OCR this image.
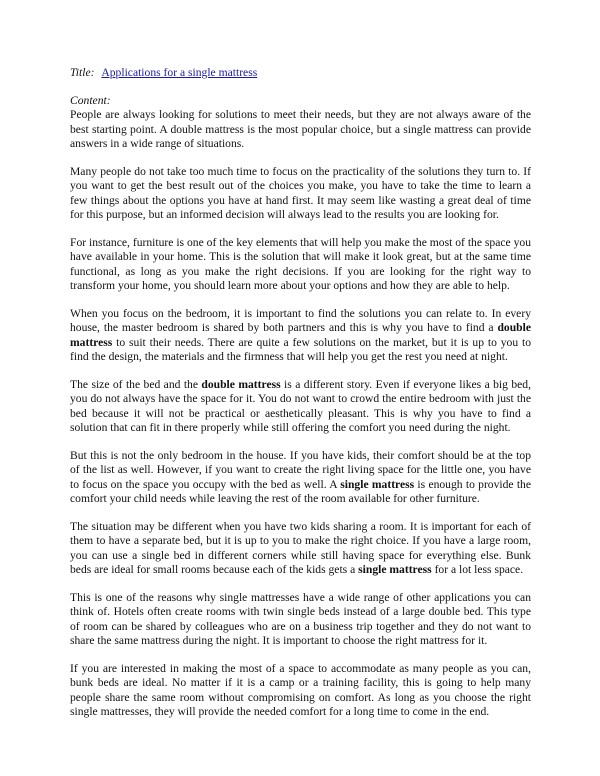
Title: Applications for a single mattress

Content:

People are always looking for solutions to meet their needs, but they are not always aware of the best starting point. A double mattress is the most popular choice, but a single mattress can provide answers in a wide range of situations.

Many people do not take too much time to focus on the practicality of the solutions they turn to. If you want to get the best result out of the choices you make, you have to take the time to learn a few things about the options you have at hand first. It may seem like wasting a great deal of time for this purpose, but an informed decision will always lead to the results you are looking for.

For instance, furniture is one of the key elements that will help you make the most of the space you have available in your home. This is the solution that will make it look great, but at the same time functional, as long as you make the right decisions. If you are looking for the right way to transform your home, you should learn more about your options and how they are able to help.

When you focus on the bedroom, it is important to find the solutions you can relate to. In every house, the master bedroom is shared by both partners and this is why you have to find a double mattress to suit their needs. There are quite a few solutions on the market, but it is up to you to find the design, the materials and the firmness that will help you get the rest you need at night.

The size of the bed and the double mattress is a different story. Even if everyone likes a big bed, you do not always have the space for it. You do not want to crowd the entire bedroom with just the bed because it will not be practical or aesthetically pleasant. This is why you have to find a solution that can fit in there properly while still offering the comfort you need during the night.

But this is not the only bedroom in the house. If you have kids, their comfort should be at the top of the list as well. However, if you want to create the right living space for the little one, you have to focus on the space you occupy with the bed as well. A single mattress is enough to provide the comfort your child needs while leaving the rest of the room available for other furniture.

The situation may be different when you have two kids sharing a room. It is important for each of them to have a separate bed, but it is up to you to make the right choice. If you have a large room, you can use a single bed in different corners while still having space for everything else. Bunk beds are ideal for small rooms because each of the kids gets a single mattress for a lot less space.

This is one of the reasons why single mattresses have a wide range of other applications you can think of. Hotels often create rooms with twin single beds instead of a large double bed. This type of room can be shared by colleagues who are on a business trip together and they do not want to share the same mattress during the night. It is important to choose the right mattress for it.

If you are interested in making the most of a space to accommodate as many people as you can, bunk beds are ideal. No matter if it is a camp or a training facility, this is going to help many people share the same room without compromising on comfort. As long as you choose the right single mattresses, they will provide the needed comfort for a long time to come in the end.
